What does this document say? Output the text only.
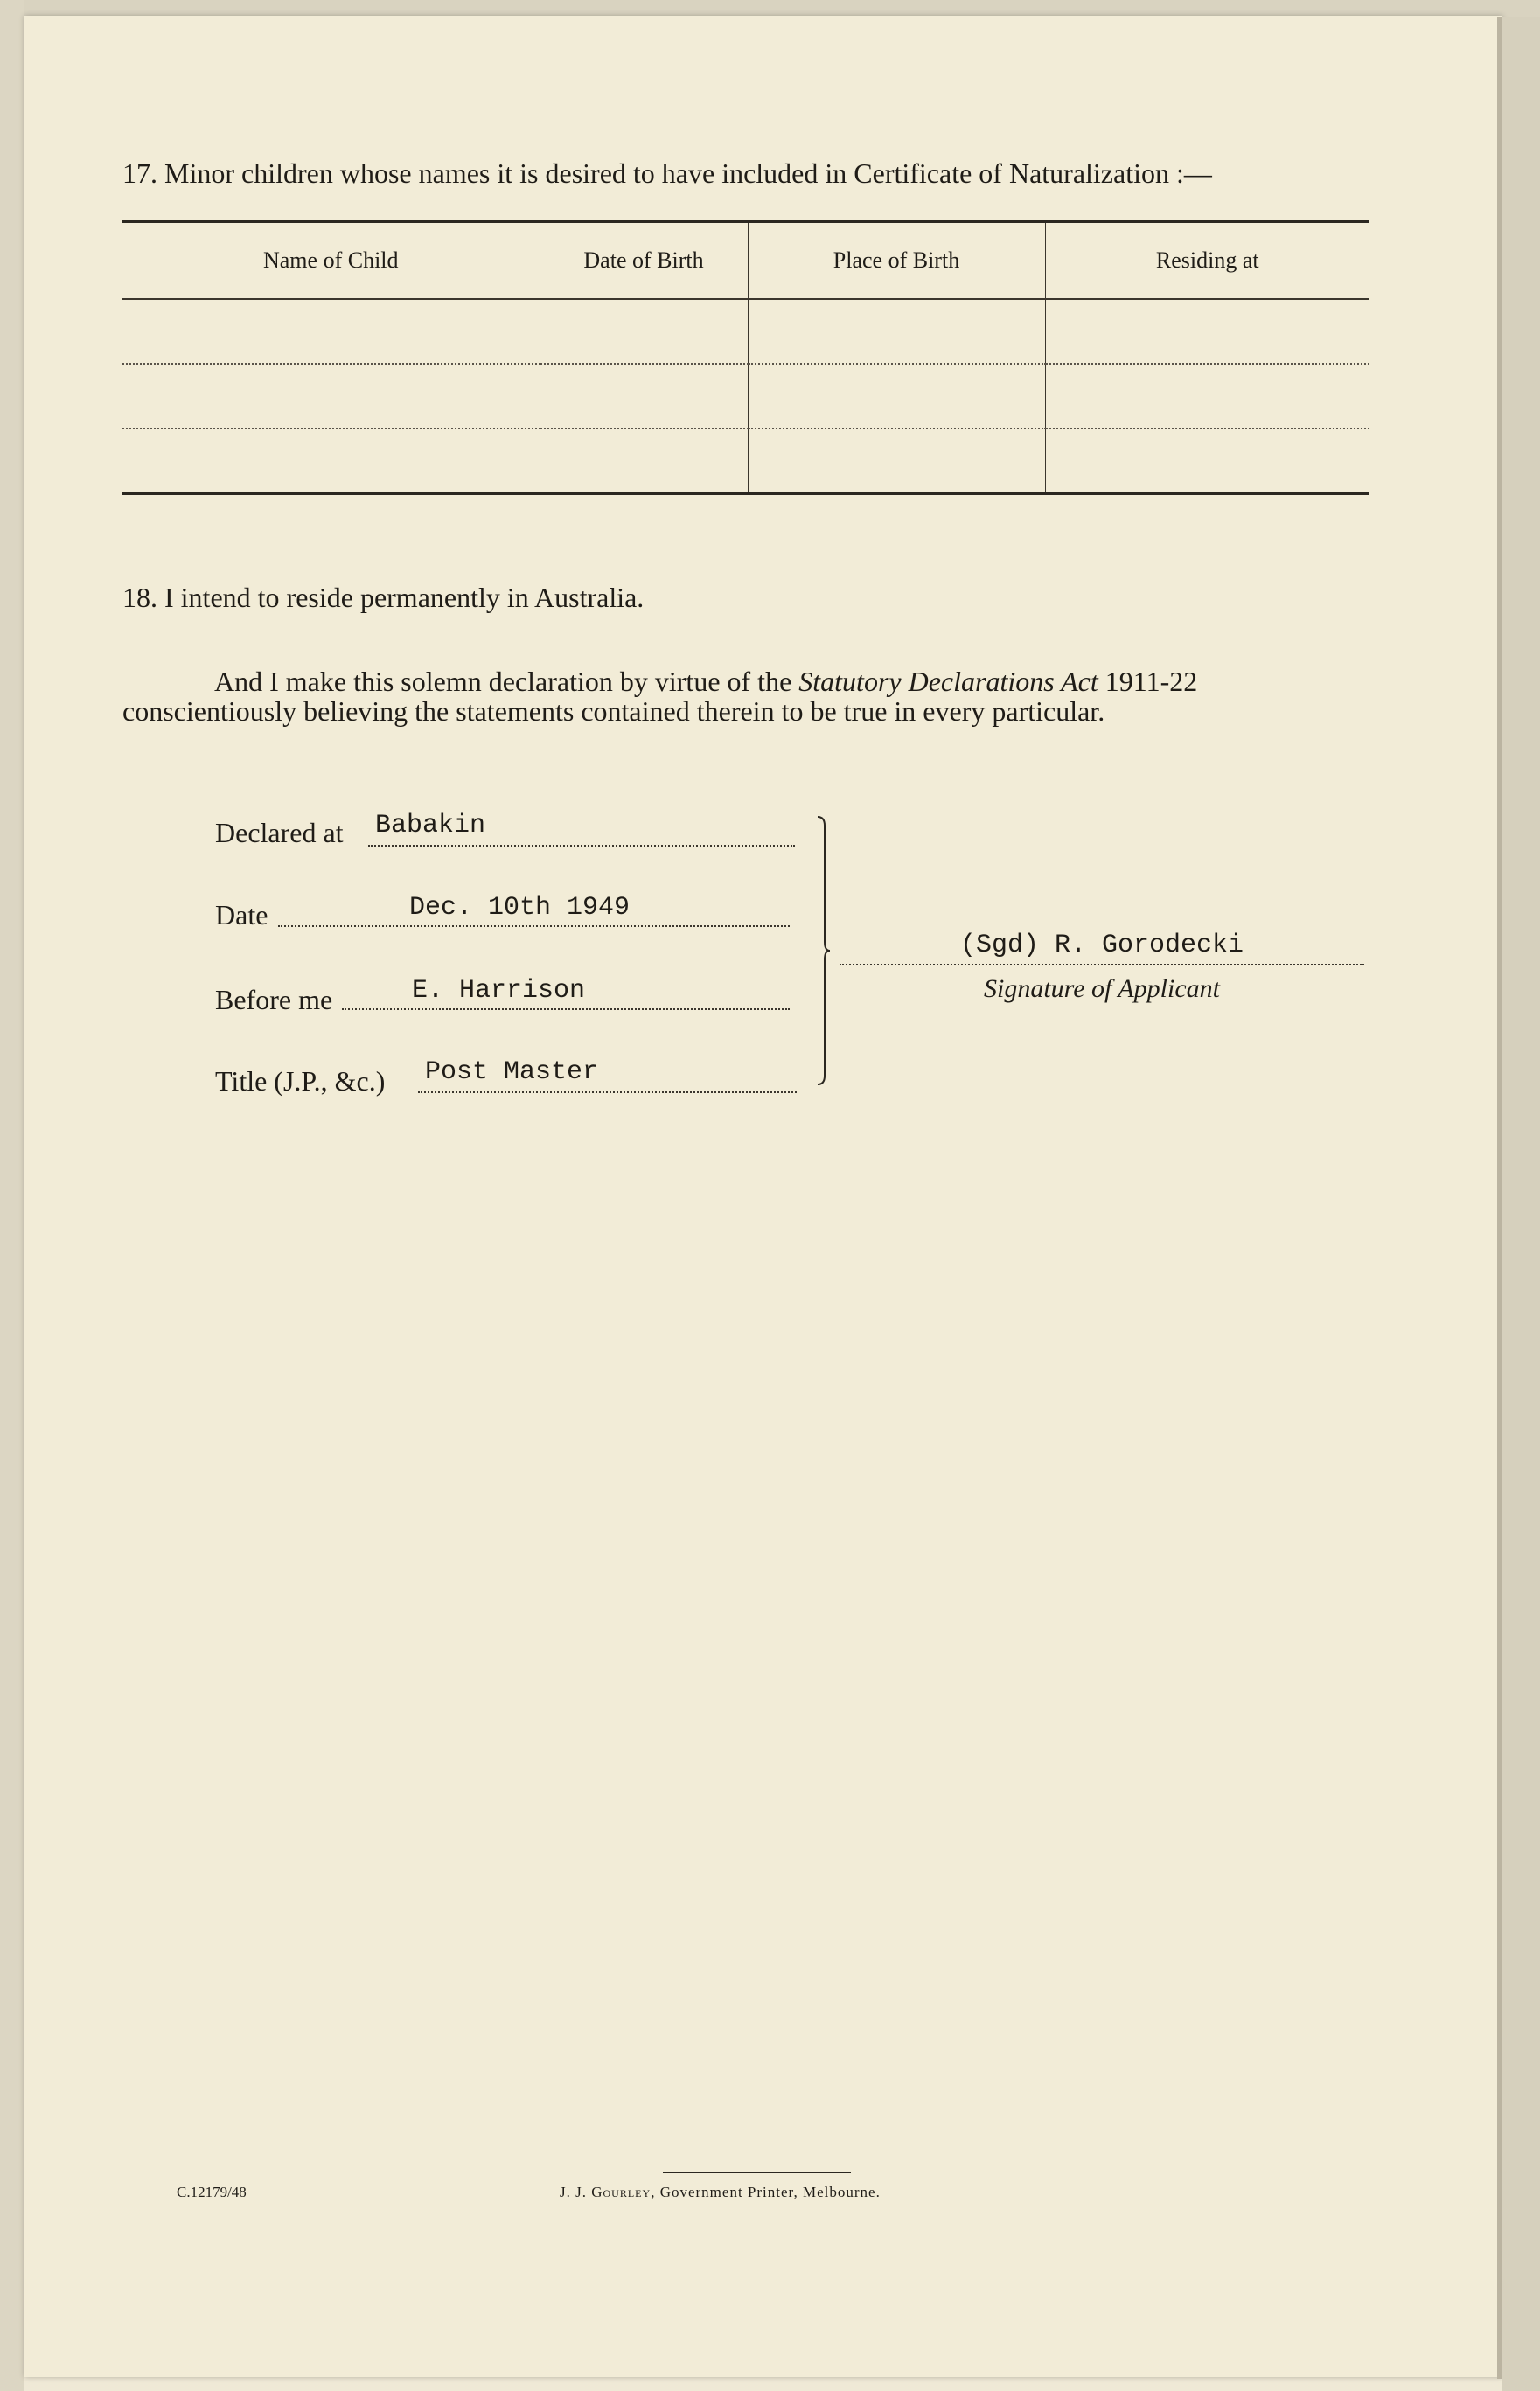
17. Minor children whose names it is desired to have included in Certificate of Naturalization :—
Name of Child	Date of Birth	Place of Birth	Residing at

18. I intend to reside permanently in Australia.
And I make this solemn declaration by virtue of the Statutory Declarations Act 1911-22
conscientiously believing the statements contained therein to be true in every particular.
Declared at Babakin
Date	Dec. 10th 1949
Before me	E. Harrison
Title (J.P., &c.) Post Master
(Sgd) R. Gorodecki
Signature of Applicant
C.12179/48	J. J. Gourley, Government Printer, Melbourne.
